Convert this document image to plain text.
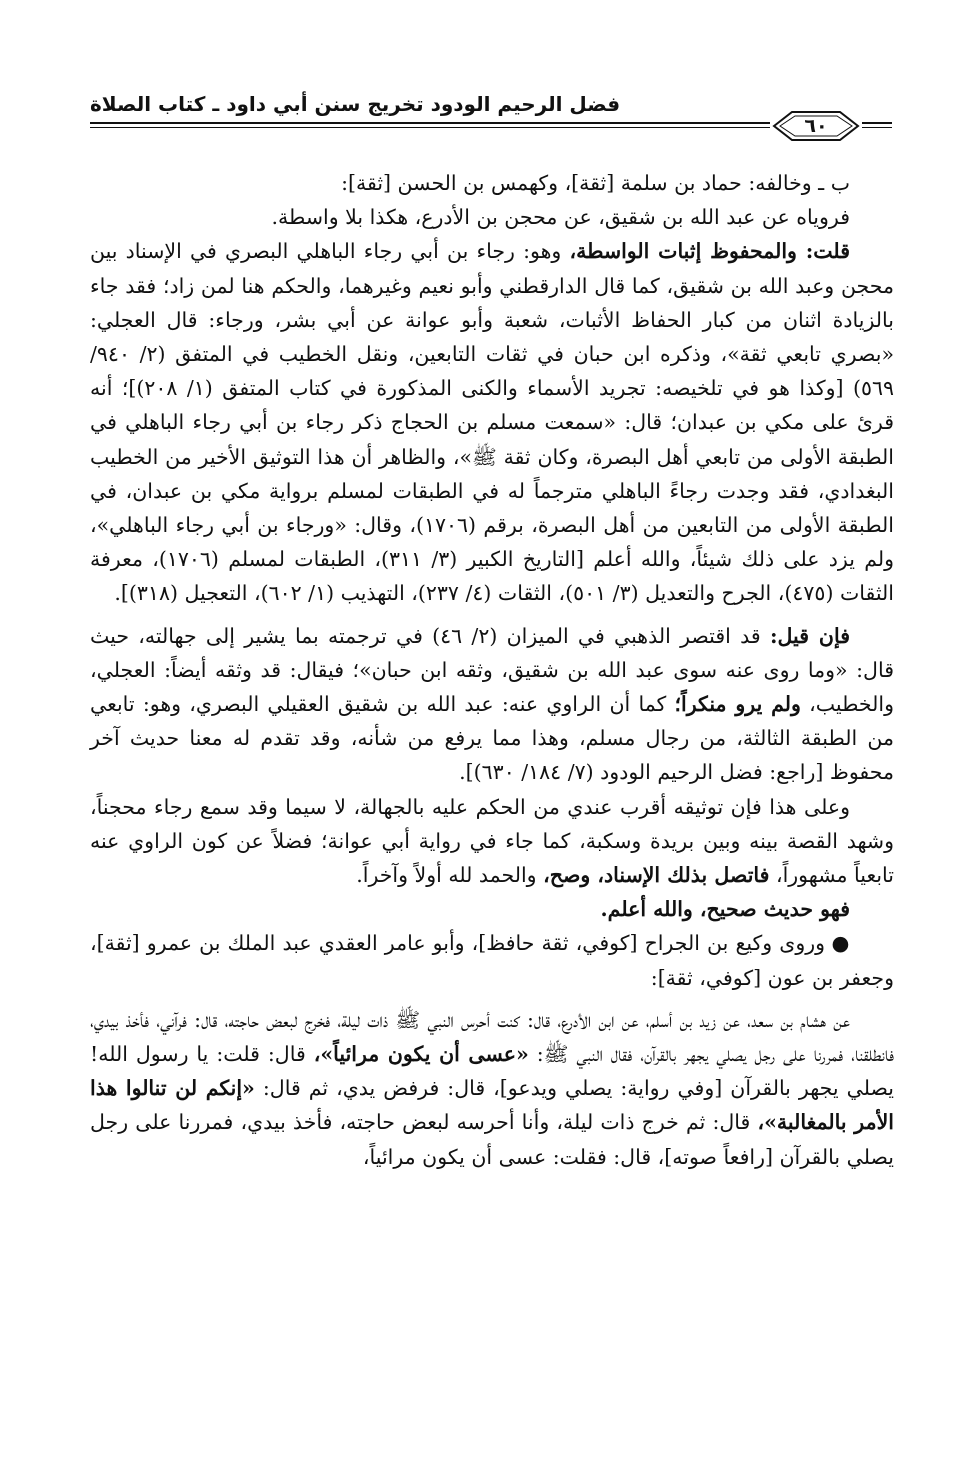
فضل الرحيم الودود تخريج سنن أبي داود ـ كتاب الصلاة
٦٠

ب ـ وخالفه: حماد بن سلمة [ثقة]، وكهمس بن الحسن [ثقة]:

فروياه عن عبد الله بن شقيق، عن محجن بن الأدرع، هكذا بلا واسطة.

قلت: والمحفوظ إثبات الواسطة، وهو: رجاء بن أبي رجاء الباهلي البصري في الإسناد بين محجن وعبد الله بن شقيق، كما قال الدارقطني وأبو نعيم وغيرهما، والحكم هنا لمن زاد؛ فقد جاء بالزيادة اثنان من كبار الحفاظ الأثبات، شعبة وأبو عوانة عن أبي بشر، ورجاء: قال العجلي: «بصري تابعي ثقة»، وذكره ابن حبان في ثقات التابعين، ونقل الخطيب في المتفق (٢/ ٩٤٠/ ٥٦٩) [وكذا هو في تلخيصه: تجريد الأسماء والكنى المذكورة في كتاب المتفق (١/ ٢٠٨)]؛ أنه قرئ على مكي بن عبدان؛ قال: «سمعت مسلم بن الحجاج ذكر رجاء بن أبي رجاء الباهلي في الطبقة الأولى من تابعي أهل البصرة، وكان ثقة ﷺ»، والظاهر أن هذا التوثيق الأخير من الخطيب البغدادي، فقد وجدت رجاءً الباهلي مترجماً له في الطبقات لمسلم برواية مكي بن عبدان، في الطبقة الأولى من التابعين من أهل البصرة، برقم (١٧٠٦)، وقال: «ورجاء بن أبي رجاء الباهلي»، ولم يزد على ذلك شيئاً، والله أعلم [التاريخ الكبير (٣/ ٣١١)، الطبقات لمسلم (١٧٠٦)، معرفة الثقات (٤٧٥)، الجرح والتعديل (٣/ ٥٠١)، الثقات (٤/ ٢٣٧)، التهذيب (١/ ٦٠٢)، التعجيل (٣١٨)].

فإن قيل: قد اقتصر الذهبي في الميزان (٢/ ٤٦) في ترجمته بما يشير إلى جهالته، حيث قال: «وما روى عنه سوى عبد الله بن شقيق، وثقه ابن حبان»؛ فيقال: قد وثقه أيضاً: العجلي، والخطيب، ولم يرو منكراً؛ كما أن الراوي عنه: عبد الله بن شقيق العقيلي البصري، وهو: تابعي من الطبقة الثالثة، من رجال مسلم، وهذا مما يرفع من شأنه، وقد تقدم له معنا حديث آخر محفوظ [راجع: فضل الرحيم الودود (٧/ ١٨٤/ ٦٣٠)].

وعلى هذا فإن توثيقه أقرب عندي من الحكم عليه بالجهالة، لا سيما وقد سمع رجاء محجناً، وشهد القصة بينه وبين بريدة وسكبة، كما جاء في رواية أبي عوانة؛ فضلاً عن كون الراوي عنه تابعياً مشهوراً، فاتصل بذلك الإسناد، وصح، والحمد لله أولاً وآخراً.

فهو حديث صحيح، والله أعلم.

● وروى وكيع بن الجراح [كوفي، ثقة حافظ]، وأبو عامر العقدي عبد الملك بن عمرو [ثقة]، وجعفر بن عون [كوفي، ثقة]:

عن هشام بن سعد، عن زيد بن أسلم، عن ابن الأدرع، قال: كنت أحرس النبي ﷺ ذات ليلة، فخرج لبعض حاجته، قال: فرآني، فأخذ بيدي، فانطلقنا، فمررنا على رجل يصلي يجهر بالقرآن، فقال النبي ﷺ: «عسى أن يكون مرائياً»، قال: قلت: يا رسول الله! يصلي يجهر بالقرآن [وفي رواية: يصلي ويدعو]، قال: فرفض يدي، ثم قال: «إنكم لن تنالوا هذا الأمر بالمغالبة»، قال: ثم خرج ذات ليلة، وأنا أحرسه لبعض حاجته، فأخذ بيدي، فمررنا على رجل يصلي بالقرآن [رافعاً صوته]، قال: فقلت: عسى أن يكون مرائياً،
